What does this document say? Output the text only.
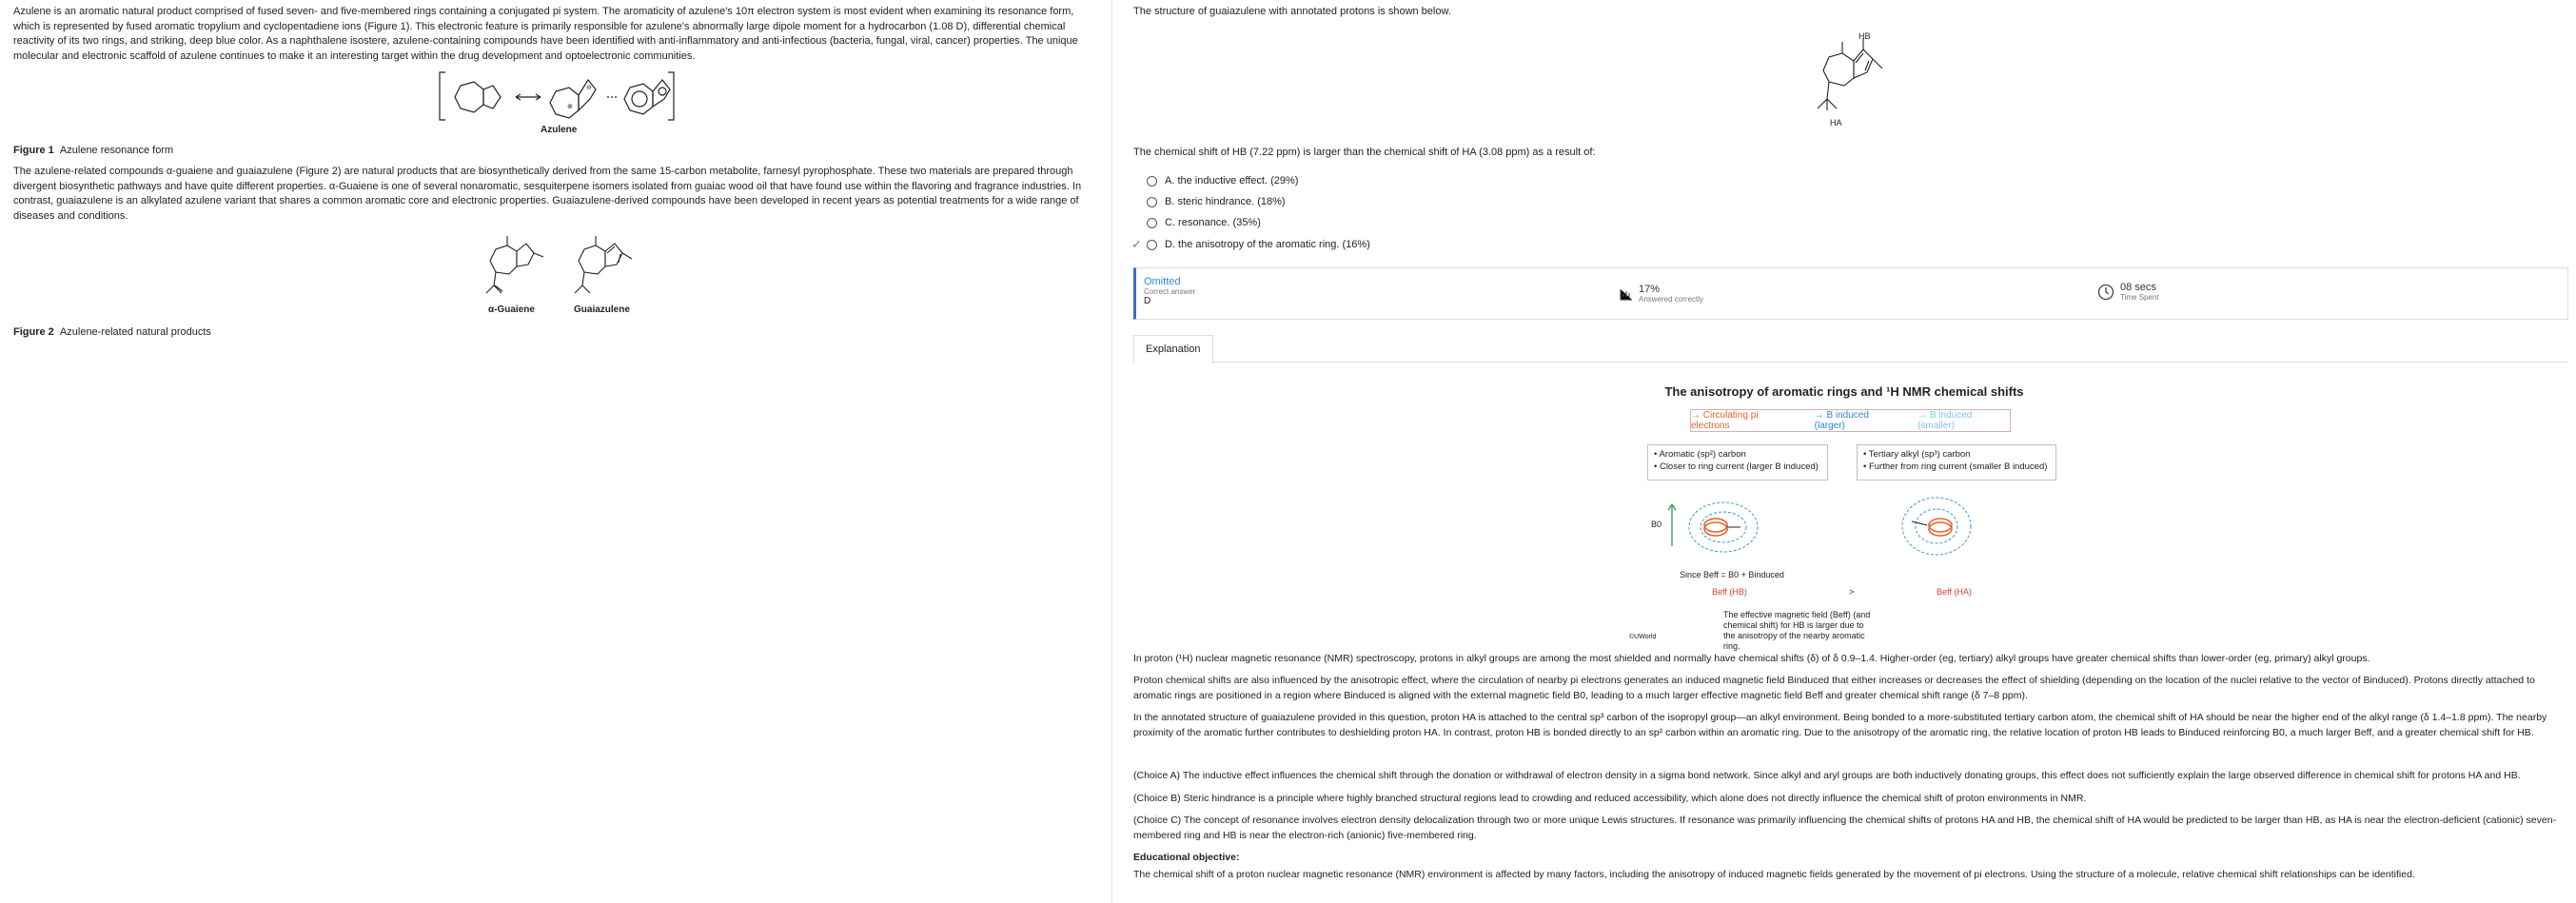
Azulene is an aromatic natural product comprised of fused seven- and five-membered rings containing a conjugated pi system. The aromaticity of azulene's 10π electron system is most evident when examining its resonance form, which is represented by fused aromatic tropylium and cyclopentadiene ions (Figure 1). This electronic feature is primarily responsible for azulene's abnormally large dipole moment for a hydrocarbon (1.08 D), differential chemical reactivity of its two rings, and striking, deep blue color. As a naphthalene isostere, azulene-containing compounds have been identified with anti-inflammatory and anti-infectious (bacteria, fungal, viral, cancer) properties. The unique molecular and electronic scaffold of azulene continues to make it an interesting target within the drug development and optoelectronic communities.

⊕
⊖
Azulene
Figure 1 Azulene resonance form

The azulene-related compounds α-guaiene and guaiazulene (Figure 2) are natural products that are biosynthetically derived from the same 15-carbon metabolite, farnesyl pyrophosphate. These two materials are prepared through divergent biosynthetic pathways and have quite different properties. α-Guaiene is one of several nonaromatic, sesquiterpene isomers isolated from guaiac wood oil that have found use within the flavoring and fragrance industries. In contrast, guaiazulene is an alkylated azulene variant that shares a common aromatic core and electronic properties. Guaiazulene-derived compounds have been developed in recent years as potential treatments for a wide range of diseases and conditions.

α-Guaiene	Guaiazulene
Figure 2 Azulene-related natural products
The structure of guaiazulene with annotated protons is shown below.
HB
HA
The chemical shift of HB (7.22 ppm) is larger than the chemical shift of HA (3.08 ppm) as a result of:
A. the inductive effect. (29%)
B. steric hindrance. (18%)
C. resonance. (35%)
✓ D. the anisotropy of the aromatic ring. (16%)
Omitted
Correct answer
D
17%
Answered correctly
08 secs
Time Spent
Explanation
The anisotropy of aromatic rings and ¹H NMR chemical shifts
→ Circulating pi electrons
→ B induced (larger)
→ B induced (smaller)
• Aromatic (sp²) carbon
• Closer to ring current (larger B induced)
• Tertiary alkyl (sp³) carbon
• Further from ring current (smaller B induced)
B0
Since Beff = B0 + Binduced
Beff (HB)	>	Beff (HA)
The effective magnetic field (Beff) (and chemical shift) for HB is larger due to the anisotropy of the nearby aromatic ring.
©UWorld

In proton (¹H) nuclear magnetic resonance (NMR) spectroscopy, protons in alkyl groups are among the most shielded and normally have chemical shifts (δ) of δ 0.9–1.4. Higher-order (eg, tertiary) alkyl groups have greater chemical shifts than lower-order (eg, primary) alkyl groups.

Proton chemical shifts are also influenced by the anisotropic effect, where the circulation of nearby pi electrons generates an induced magnetic field Binduced that either increases or decreases the effect of shielding (depending on the location of the nuclei relative to the vector of Binduced). Protons directly attached to aromatic rings are positioned in a region where Binduced is aligned with the external magnetic field B0, leading to a much larger effective magnetic field Beff and greater chemical shift range (δ 7–8 ppm).

In the annotated structure of guaiazulene provided in this question, proton HA is attached to the central sp³ carbon of the isopropyl group—an alkyl environment. Being bonded to a more-substituted tertiary carbon atom, the chemical shift of HA should be near the higher end of the alkyl range (δ 1.4–1.8 ppm). The nearby proximity of the aromatic further contributes to deshielding proton HA. In contrast, proton HB is bonded directly to an sp² carbon within an aromatic ring. Due to the anisotropy of the aromatic ring, the relative location of proton HB leads to Binduced reinforcing B0, a much larger Beff, and a greater chemical shift for HB.

(Choice A) The inductive effect influences the chemical shift through the donation or withdrawal of electron density in a sigma bond network. Since alkyl and aryl groups are both inductively donating groups, this effect does not sufficiently explain the large observed difference in chemical shift for protons HA and HB.

(Choice B) Steric hindrance is a principle where highly branched structural regions lead to crowding and reduced accessibility, which alone does not directly influence the chemical shift of proton environments in NMR.

(Choice C) The concept of resonance involves electron density delocalization through two or more unique Lewis structures. If resonance was primarily influencing the chemical shifts of protons HA and HB, the chemical shift of HA would be predicted to be larger than HB, as HA is near the electron-deficient (cationic) seven-membered ring and HB is near the electron-rich (anionic) five-membered ring.

Educational objective:

The chemical shift of a proton nuclear magnetic resonance (NMR) environment is affected by many factors, including the anisotropy of induced magnetic fields generated by the movement of pi electrons. Using the structure of a molecule, relative chemical shift relationships can be identified.
